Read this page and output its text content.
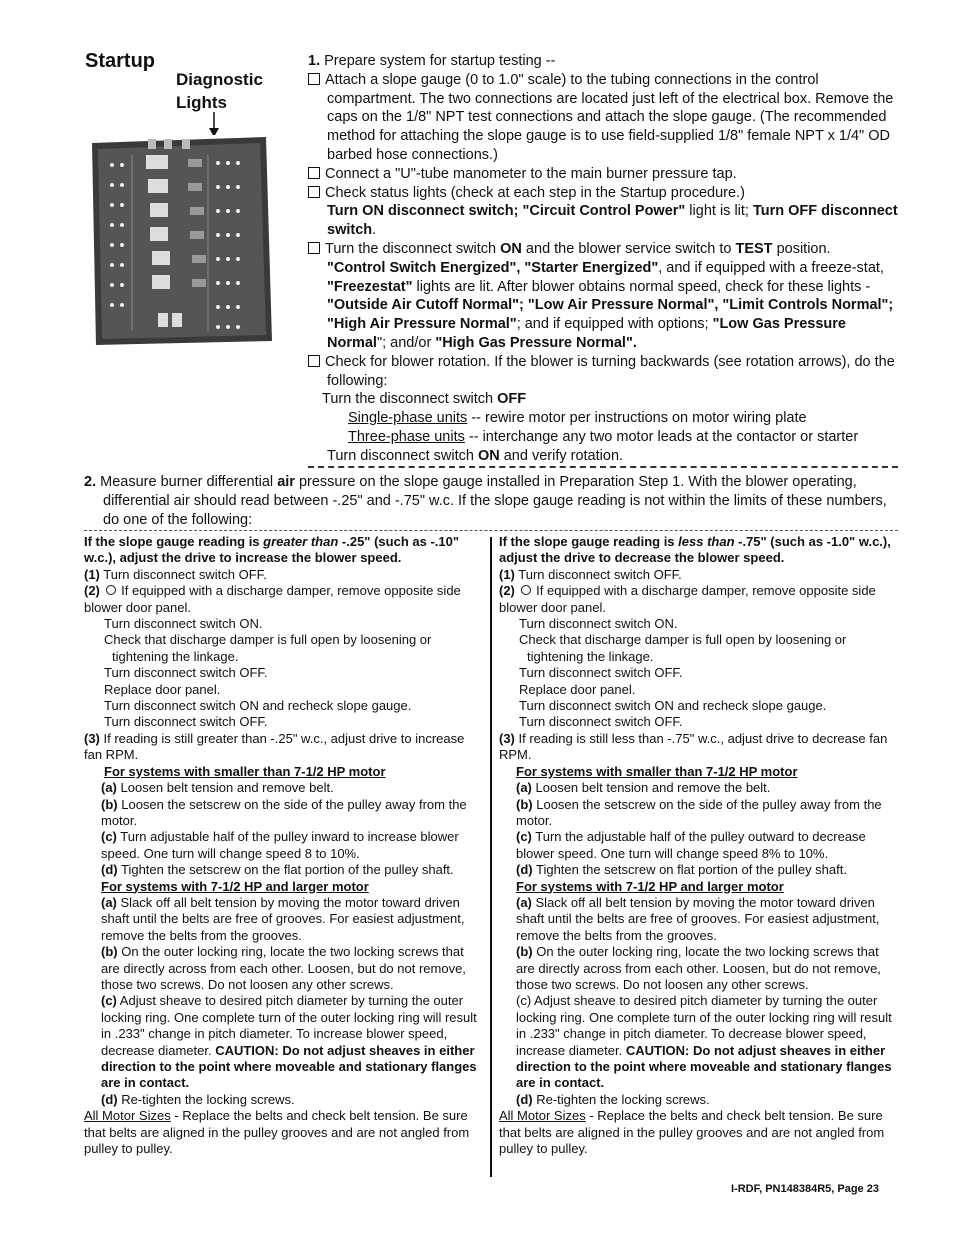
Startup
Diagnostic Lights

1. Prepare system for startup testing --

Attach a slope gauge (0 to 1.0" scale) to the tubing connections in the control compartment. The two connections are located just left of the electrical box. Remove the caps on the 1/8" NPT test connections and attach the slope gauge. (The recommended method for attaching the slope gauge is to use field-supplied 1/8" female NPT x 1/4" OD barbed hose connections.)

Connect a "U"-tube manometer to the main burner pressure tap.

Check status lights (check at each step in the Startup procedure.)

Turn ON disconnect switch; "Circuit Control Power" light is lit; Turn OFF disconnect switch.

Turn the disconnect switch ON and the blower service switch to TEST position.

"Control Switch Energized", "Starter Energized", and if equipped with a freeze-stat, "Freezestat" lights are lit. After blower obtains normal speed, check for these lights - "Outside Air Cutoff Normal"; "Low Air Pressure Normal", "Limit Controls Normal"; "High Air Pressure Normal"; and if equipped with options; "Low Gas Pressure Normal"; and/or "High Gas Pressure Normal".

Check for blower rotation. If the blower is turning backwards (see rotation arrows), do the following:

Turn the disconnect switch OFF

Single-phase units -- rewire motor per instructions on motor wiring plate

Three-phase units -- interchange any two motor leads at the contactor or starter

Turn disconnect switch ON and verify rotation.

2. Measure burner differential air pressure on the slope gauge installed in Preparation Step 1. With the blower operating, differential air should read between -.25" and -.75" w.c. If the slope gauge reading is not within the limits of these numbers, do one of the following:

If the slope gauge reading is greater than -.25" (such as -.10" w.c.), adjust the drive to increase the blower speed.

(1) Turn disconnect switch OFF.

(2)  If equipped with a discharge damper, remove opposite side blower door panel.

Turn disconnect switch ON.

Check that discharge damper is full open by loosening or tightening the linkage.

Turn disconnect switch OFF.

Replace door panel.

Turn disconnect switch ON and recheck slope gauge.

Turn disconnect switch OFF.

(3) If reading is still greater than -.25" w.c., adjust drive to increase fan RPM.

For systems with smaller than 7-1/2 HP motor

(a) Loosen belt tension and remove belt.

(b) Loosen the setscrew on the side of the pulley away from the motor.

(c) Turn adjustable half of the pulley inward to increase blower speed. One turn will change speed 8 to 10%.

(d) Tighten the setscrew on the flat portion of the pulley shaft.

For systems with 7-1/2 HP and larger motor

(a) Slack off all belt tension by moving the motor toward driven shaft until the belts are free of grooves. For easiest adjustment, remove the belts from the grooves.

(b) On the outer locking ring, locate the two locking screws that are directly across from each other. Loosen, but do not remove, those two screws. Do not loosen any other screws.

(c) Adjust sheave to desired pitch diameter by turning the outer locking ring. One complete turn of the outer locking ring will result in .233" change in pitch diameter. To increase blower speed, decrease diameter. CAUTION: Do not adjust sheaves in either direction to the point where moveable and stationary flanges are in contact.

(d) Re-tighten the locking screws.

All Motor Sizes - Replace the belts and check belt tension. Be sure that belts are aligned in the pulley grooves and are not angled from pulley to pulley.

If the slope gauge reading is less than -.75" (such as -1.0" w.c.), adjust the drive to decrease the blower speed.

(1) Turn disconnect switch OFF.

(2)  If equipped with a discharge damper, remove opposite side blower door panel.

Turn disconnect switch ON.

Check that discharge damper is full open by loosening or tightening the linkage.

Turn disconnect switch OFF.

Replace door panel.

Turn disconnect switch ON and recheck slope gauge.

Turn disconnect switch OFF.

(3) If reading is still less than -.75" w.c., adjust drive to decrease fan RPM.

For systems with smaller than 7-1/2 HP motor

(a) Loosen belt tension and remove the belt.

(b) Loosen the setscrew on the side of the pulley away from the motor.

(c) Turn the adjustable half of the pulley outward to decrease blower speed. One turn will change speed 8% to 10%.

(d) Tighten the setscrew on flat portion of the pulley shaft.

For systems with 7-1/2 HP and larger motor

(a) Slack off all belt tension by moving the motor toward driven shaft until the belts are free of grooves. For easiest adjustment, remove the belts from the grooves.

(b) On the outer locking ring, locate the two locking screws that are directly across from each other. Loosen, but do not remove, those two screws. Do not loosen any other screws.

(c) Adjust sheave to desired pitch diameter by turning the outer locking ring. One complete turn of the outer locking ring will result in .233" change in pitch diameter. To decrease blower speed, increase diameter. CAUTION: Do not adjust sheaves in either direction to the point where moveable and stationary flanges are in contact.

(d) Re-tighten the locking screws.

All Motor Sizes - Replace the belts and check belt tension. Be sure that belts are aligned in the pulley grooves and are not angled from pulley to pulley.

I-RDF, PN148384R5, Page 23
